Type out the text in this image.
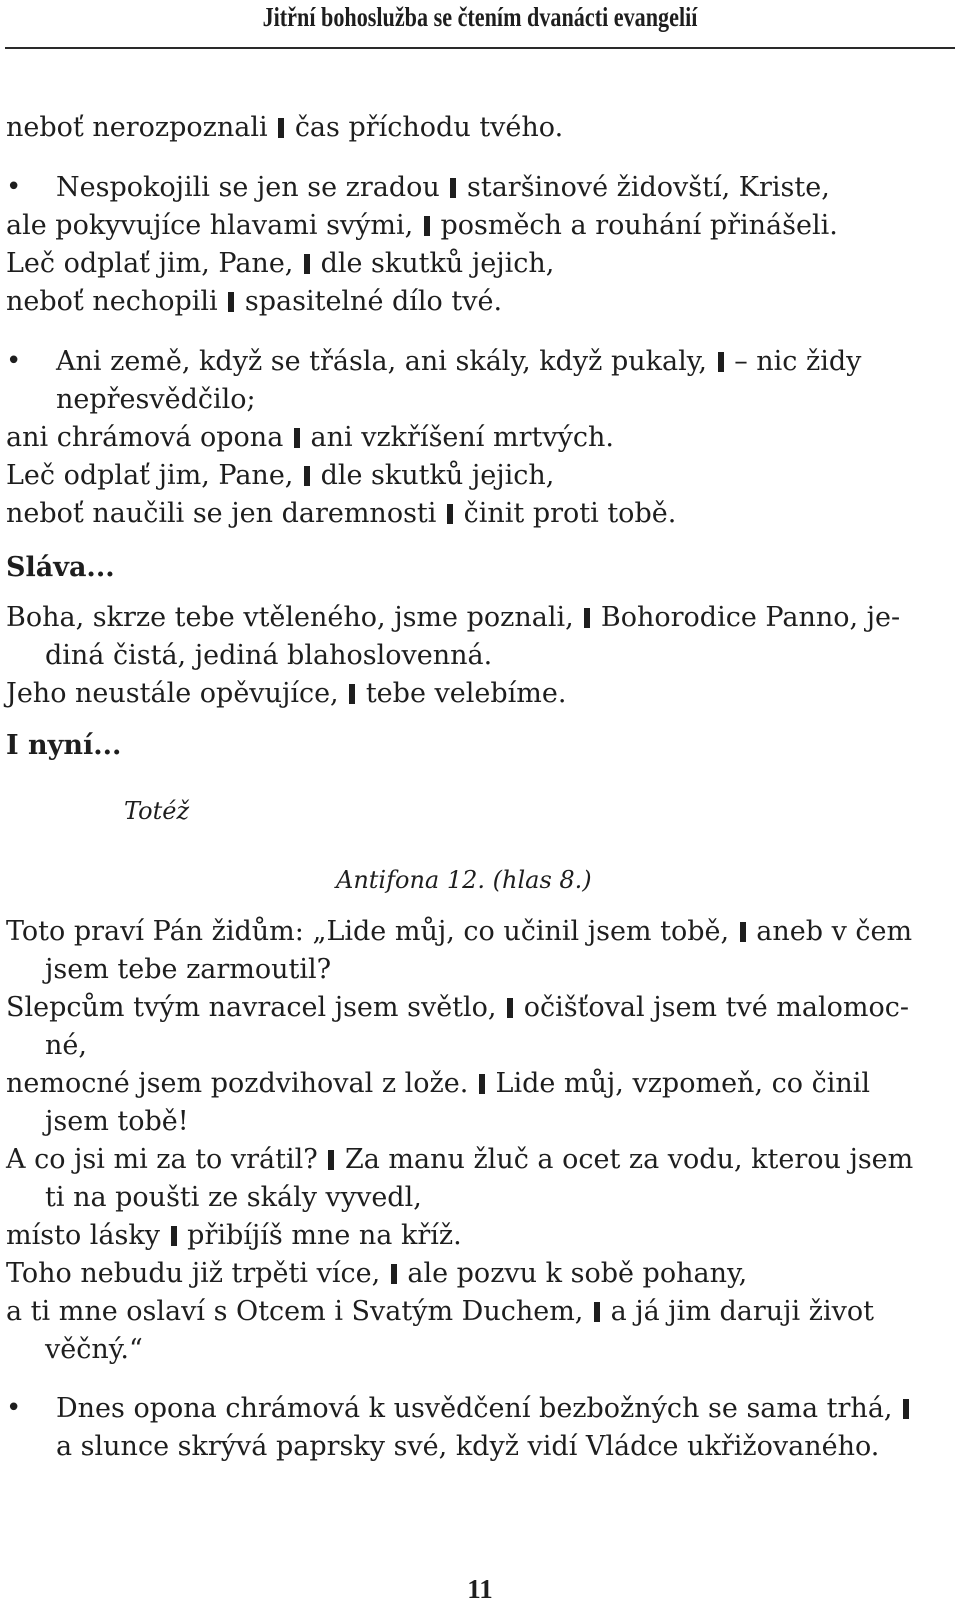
Jitřní bohoslužba se čtením dvanácti evangelií
neboť nerozpoznali čas příchodu tvého.
• Nespokojili se jen se zradou staršinové židovští, Kriste,
ale pokyvujíce hlavami svými, posměch a rouhání přinášeli.
Leč odplať jim, Pane, dle skutků jejich,
neboť nechopili spasitelné dílo tvé.
• Ani země, když se třásla, ani skály, když pukaly, – nic židy
nepřesvědčilo;
ani chrámová opona ani vzkříšení mrtvých.
Leč odplať jim, Pane, dle skutků jejich,
neboť naučili se jen daremnosti činit proti tobě.
Sláva...
Boha, skrze tebe vtěleného, jsme poznali, Bohorodice Panno, je-
diná čistá, jediná blahoslovenná.
Jeho neustále opěvujíce, tebe velebíme.
I nyní...
Totéž
Antifona 12. (hlas 8.)
Toto praví Pán židům: „Lide můj, co učinil jsem tobě, aneb v čem
jsem tebe zarmoutil?
Slepcům tvým navracel jsem světlo, očišťoval jsem tvé malomoc-
né,
nemocné jsem pozdvihoval z lože. Lide můj, vzpomeň, co činil
jsem tobě!
A co jsi mi za to vrátil? Za manu žluč a ocet za vodu, kterou jsem
ti na poušti ze skály vyvedl,
místo lásky přibíjíš mne na kříž.
Toho nebudu již trpěti více, ale pozvu k sobě pohany,
a ti mne oslaví s Otcem i Svatým Duchem, a já jim daruji život
věčný.“
• Dnes opona chrámová k usvědčení bezbožných se sama trhá,
a slunce skrývá paprsky své, když vidí Vládce ukřižovaného.
11
